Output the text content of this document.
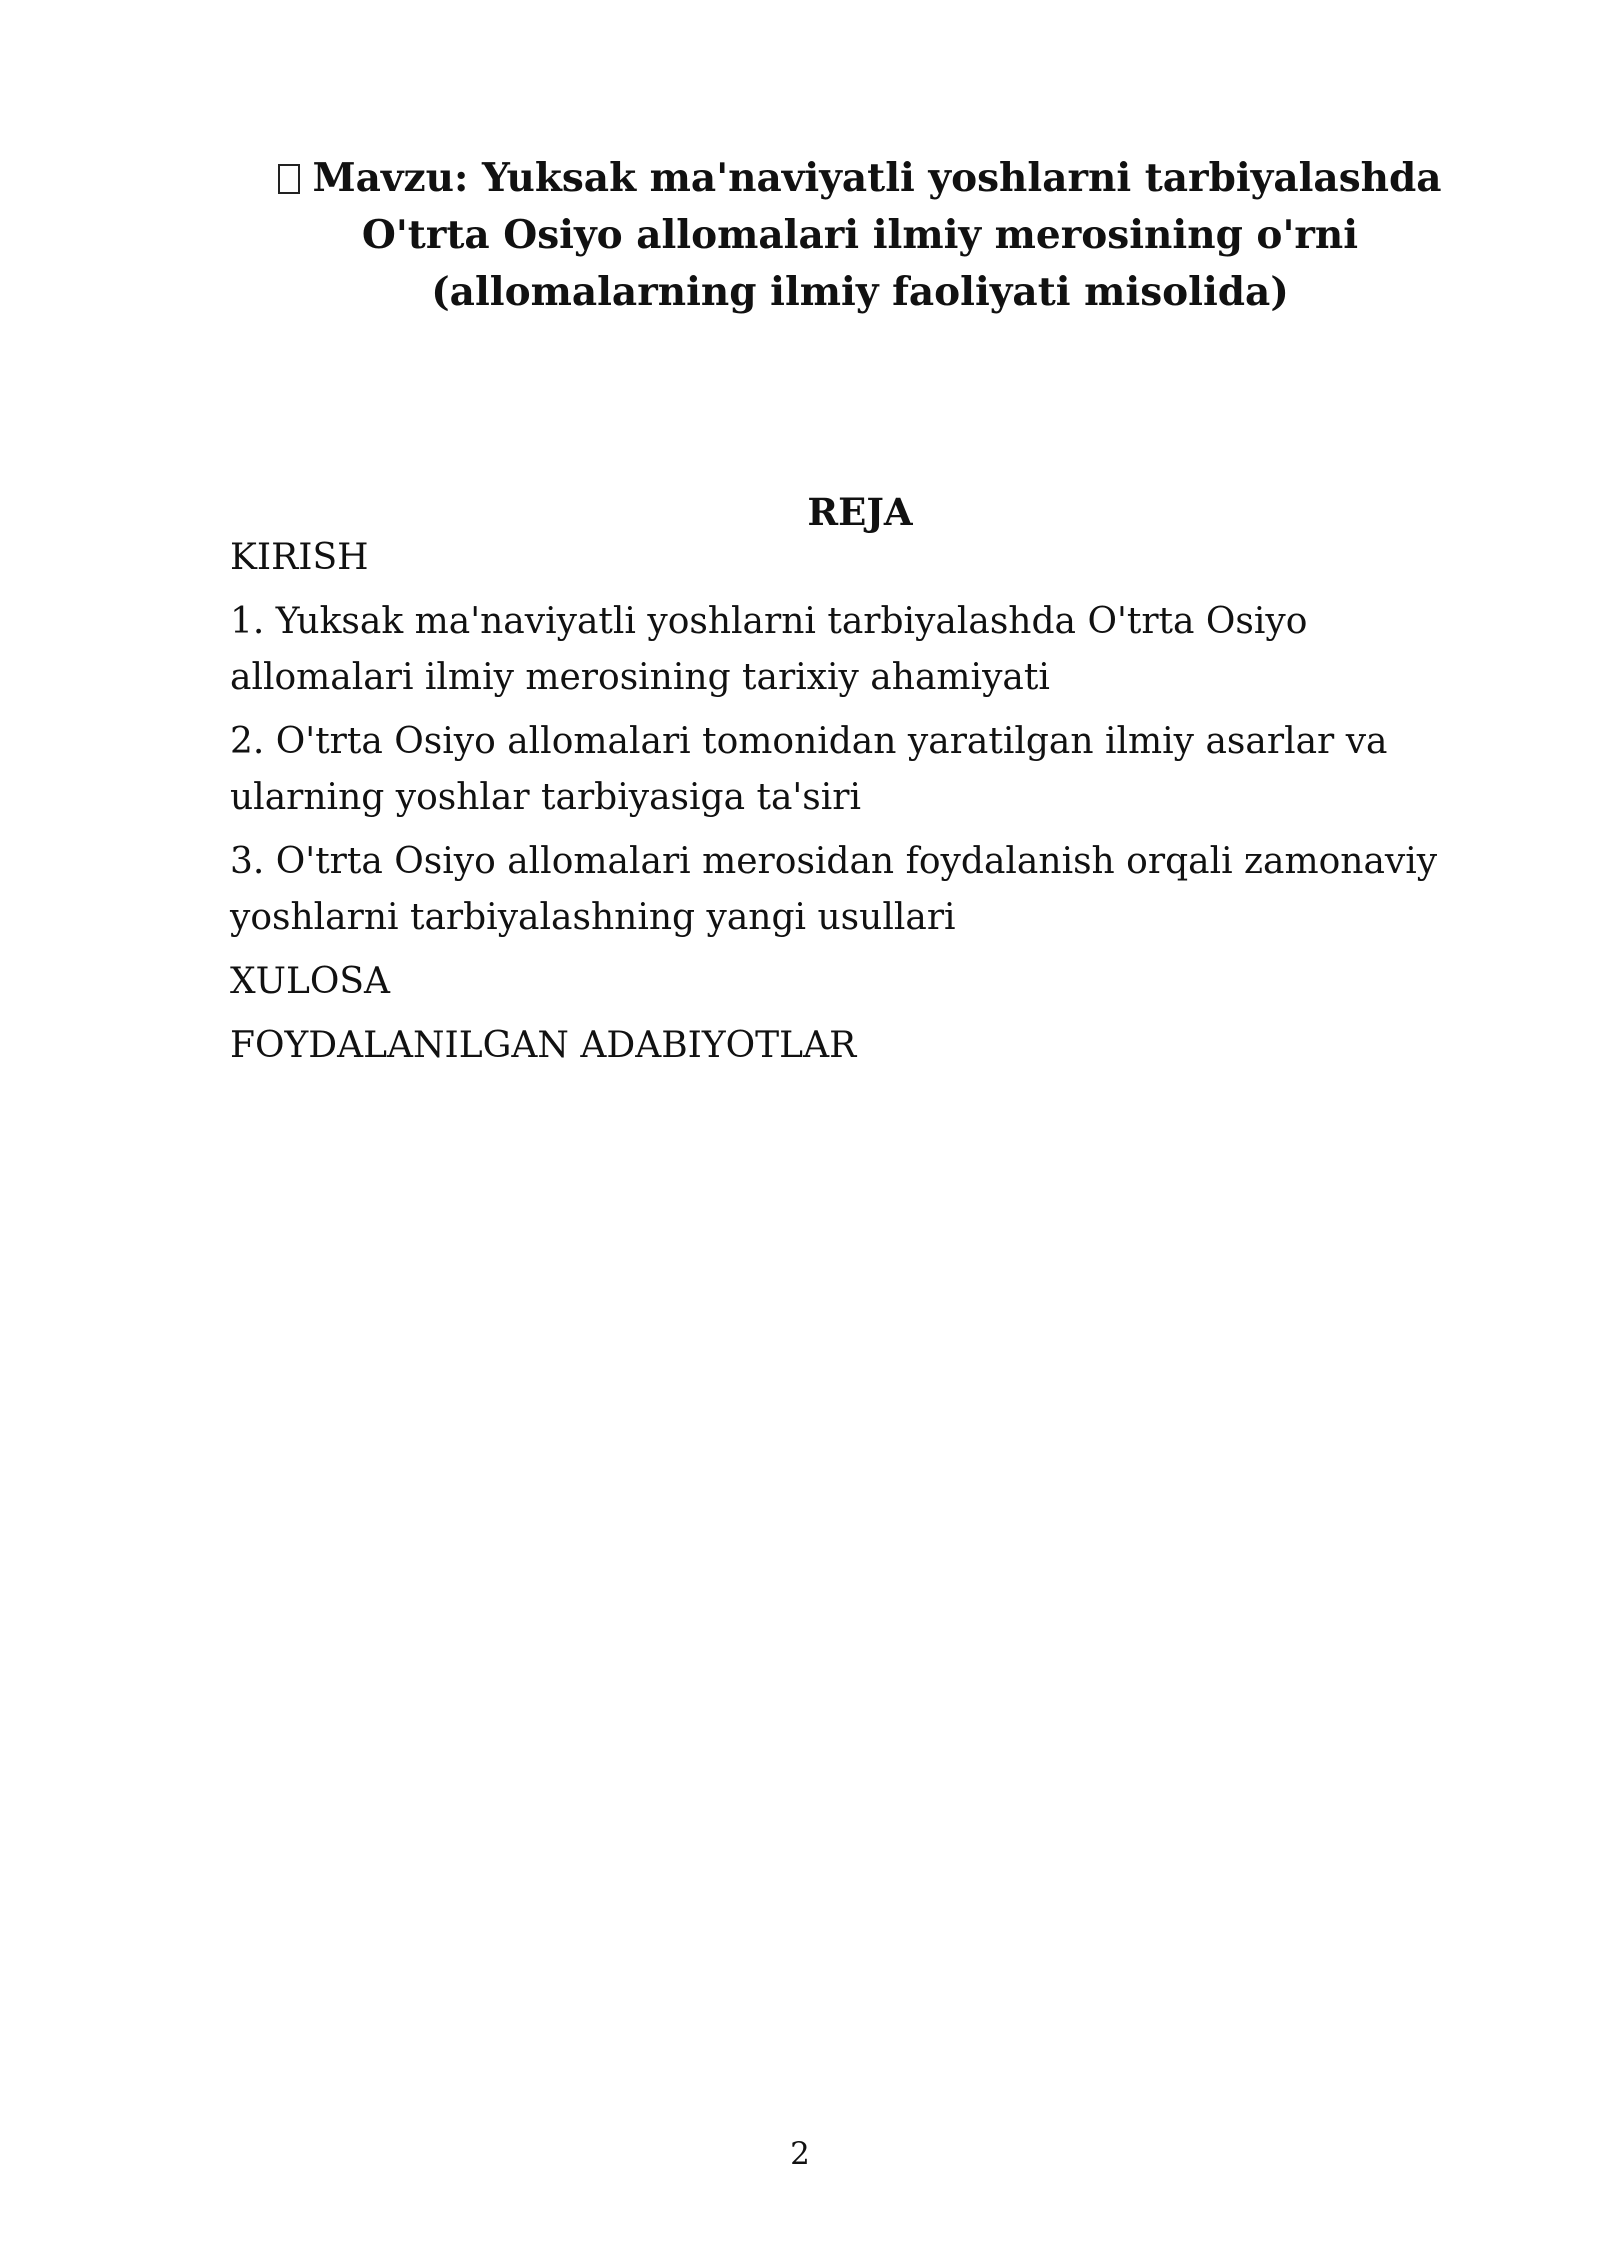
Mavzu: Yuksak ma'naviyatli yoshlarni tarbiyalashda
O'trta Osiyo allomalari ilmiy merosining o'rni
(allomalarning ilmiy faoliyati misolida)
REJA
KIRISH
1. Yuksak ma'naviyatli yoshlarni tarbiyalashda O'trta Osiyo allomalari ilmiy merosining tarixiy ahamiyati
2. O'trta Osiyo allomalari tomonidan yaratilgan ilmiy asarlar va ularning yoshlar tarbiyasiga ta'siri
3. O'trta Osiyo allomalari merosidan foydalanish orqali zamonaviy yoshlarni tarbiyalashning yangi usullari
XULOSA
FOYDALANILGAN ADABIYOTLAR
2
